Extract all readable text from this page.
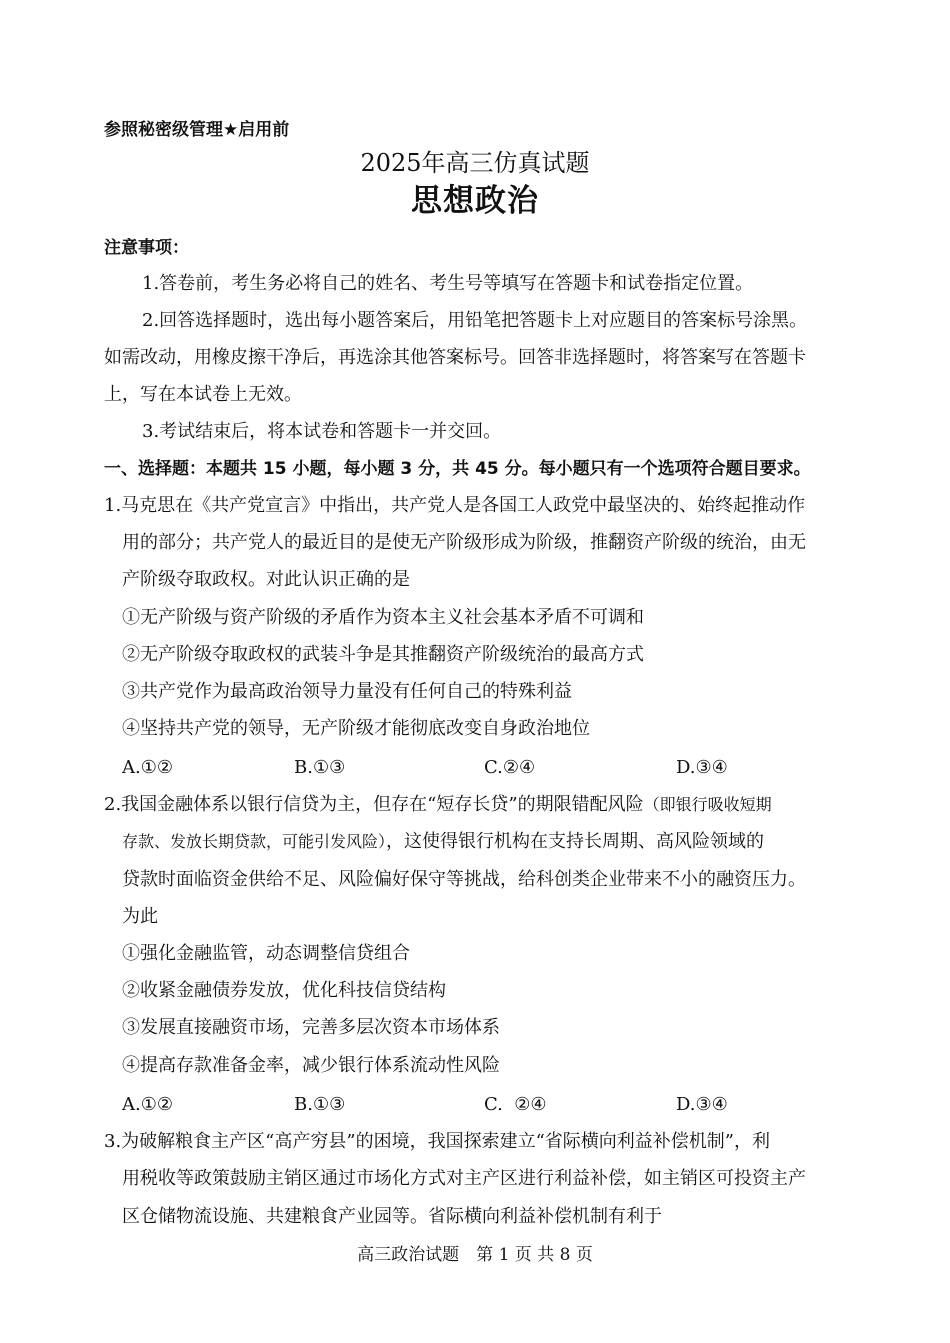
参照秘密级管理★启用前
2025年高三仿真试题
思想政治
注意事项：
1.答卷前，考生务必将自己的姓名、考生号等填写在答题卡和试卷指定位置。
2.回答选择题时，选出每小题答案后，用铅笔把答题卡上对应题目的答案标号涂黑。
如需改动，用橡皮擦干净后，再选涂其他答案标号。回答非选择题时，将答案写在答题卡
上，写在本试卷上无效。
3.考试结束后，将本试卷和答题卡一并交回。
一、选择题：本题共 15 小题，每小题 3 分，共 45 分。每小题只有一个选项符合题目要求。
1.马克思在《共产党宣言》中指出，共产党人是各国工人政党中最坚决的、始终起推动作
用的部分；共产党人的最近目的是使无产阶级形成为阶级，推翻资产阶级的统治，由无
产阶级夺取政权。对此认识正确的是
①无产阶级与资产阶级的矛盾作为资本主义社会基本矛盾不可调和
②无产阶级夺取政权的武装斗争是其推翻资产阶级统治的最高方式
③共产党作为最高政治领导力量没有任何自己的特殊利益
④坚持共产党的领导，无产阶级才能彻底改变自身政治地位
A.①②	B.①③	C.②④	D.③④
2.我国金融体系以银行信贷为主，但存在“短存长贷”的期限错配风险（即银行吸收短期
存款、发放长期贷款，可能引发风险），这使得银行机构在支持长周期、高风险领域的
贷款时面临资金供给不足、风险偏好保守等挑战，给科创类企业带来不小的融资压力。
为此
①强化金融监管，动态调整信贷组合
②收紧金融债券发放，优化科技信贷结构
③发展直接融资市场，完善多层次资本市场体系
④提高存款准备金率，减少银行体系流动性风险
A.①②	B.①③	C.  ②④	D.③④
3.为破解粮食主产区“高产穷县”的困境，我国探索建立“省际横向利益补偿机制”，利
用税收等政策鼓励主销区通过市场化方式对主产区进行利益补偿，如主销区可投资主产
区仓储物流设施、共建粮食产业园等。省际横向利益补偿机制有利于
高三政治试题　第 1 页 共 8 页
